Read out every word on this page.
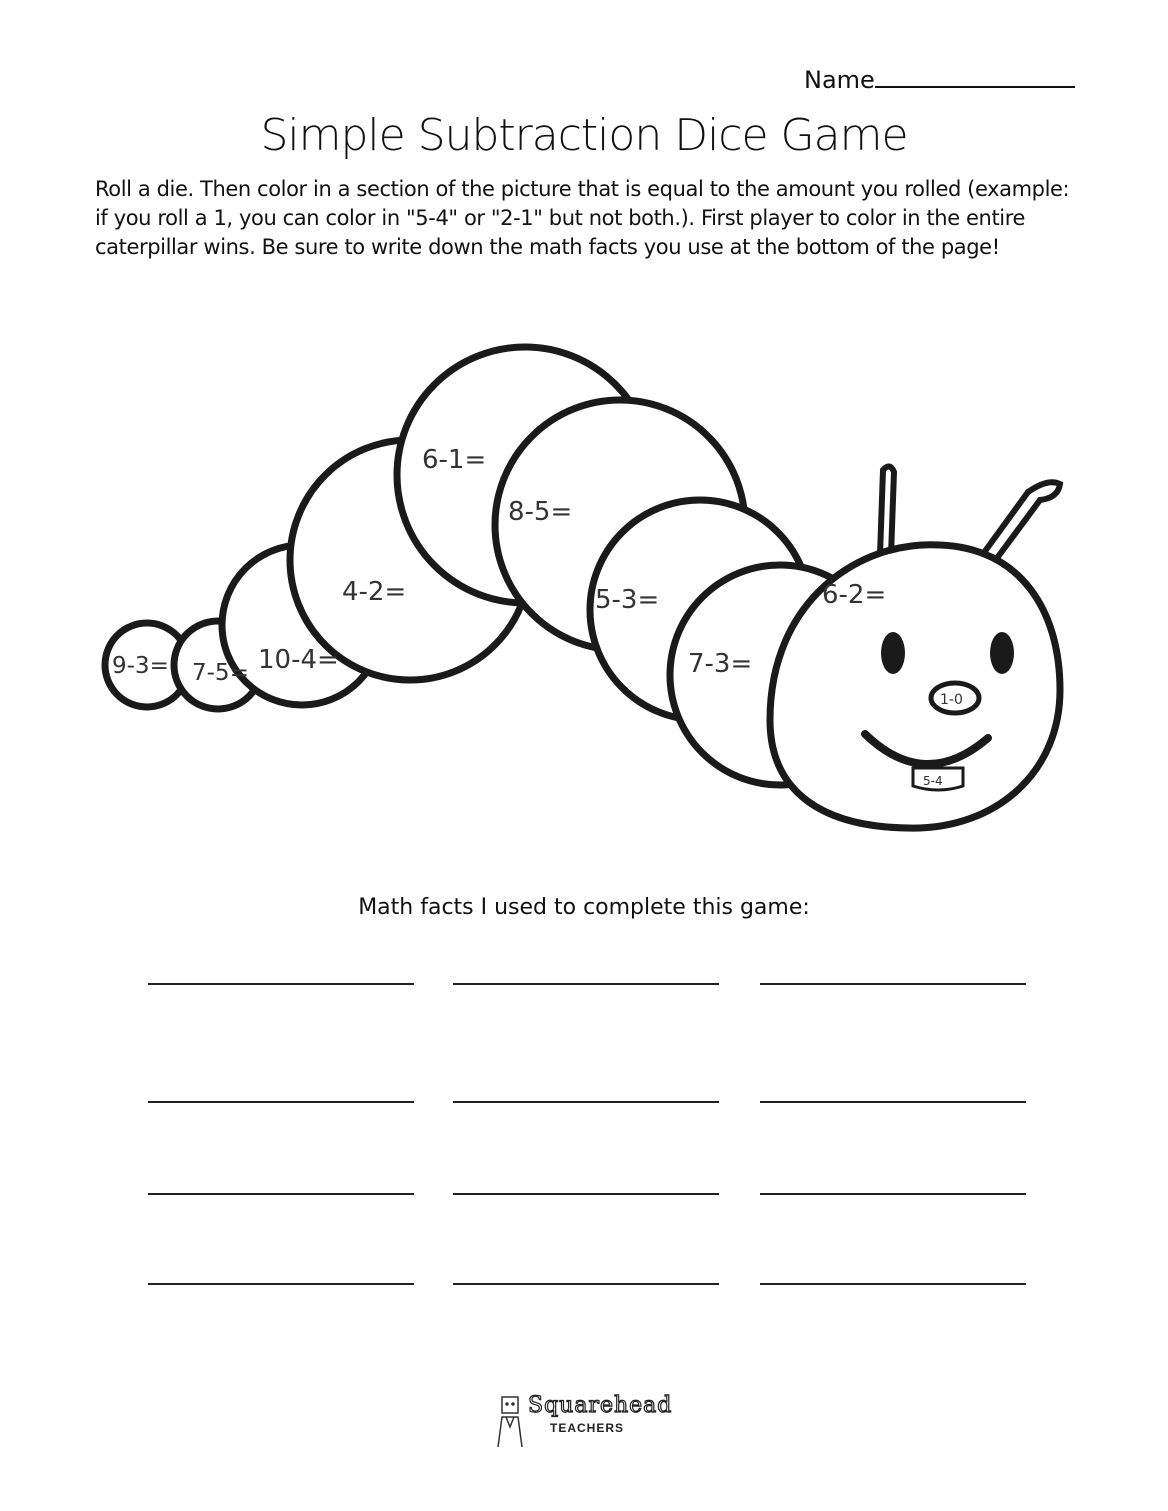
Name
Simple Subtraction Dice Game
Roll a die. Then color in a section of the picture that is equal to the amount you rolled (example: if you roll a 1, you can color in "5-4" or "2-1" but not both.). First player to color in the entire caterpillar wins. Be sure to write down the math facts you use at the bottom of the page!
9-3= 7-5= 10-4=
4-2=
6-1=
8-5=
5-3=
7-3=
6-2=
1-0
5-4
Math facts I used to complete this game:
Squarehead
TEACHERS
